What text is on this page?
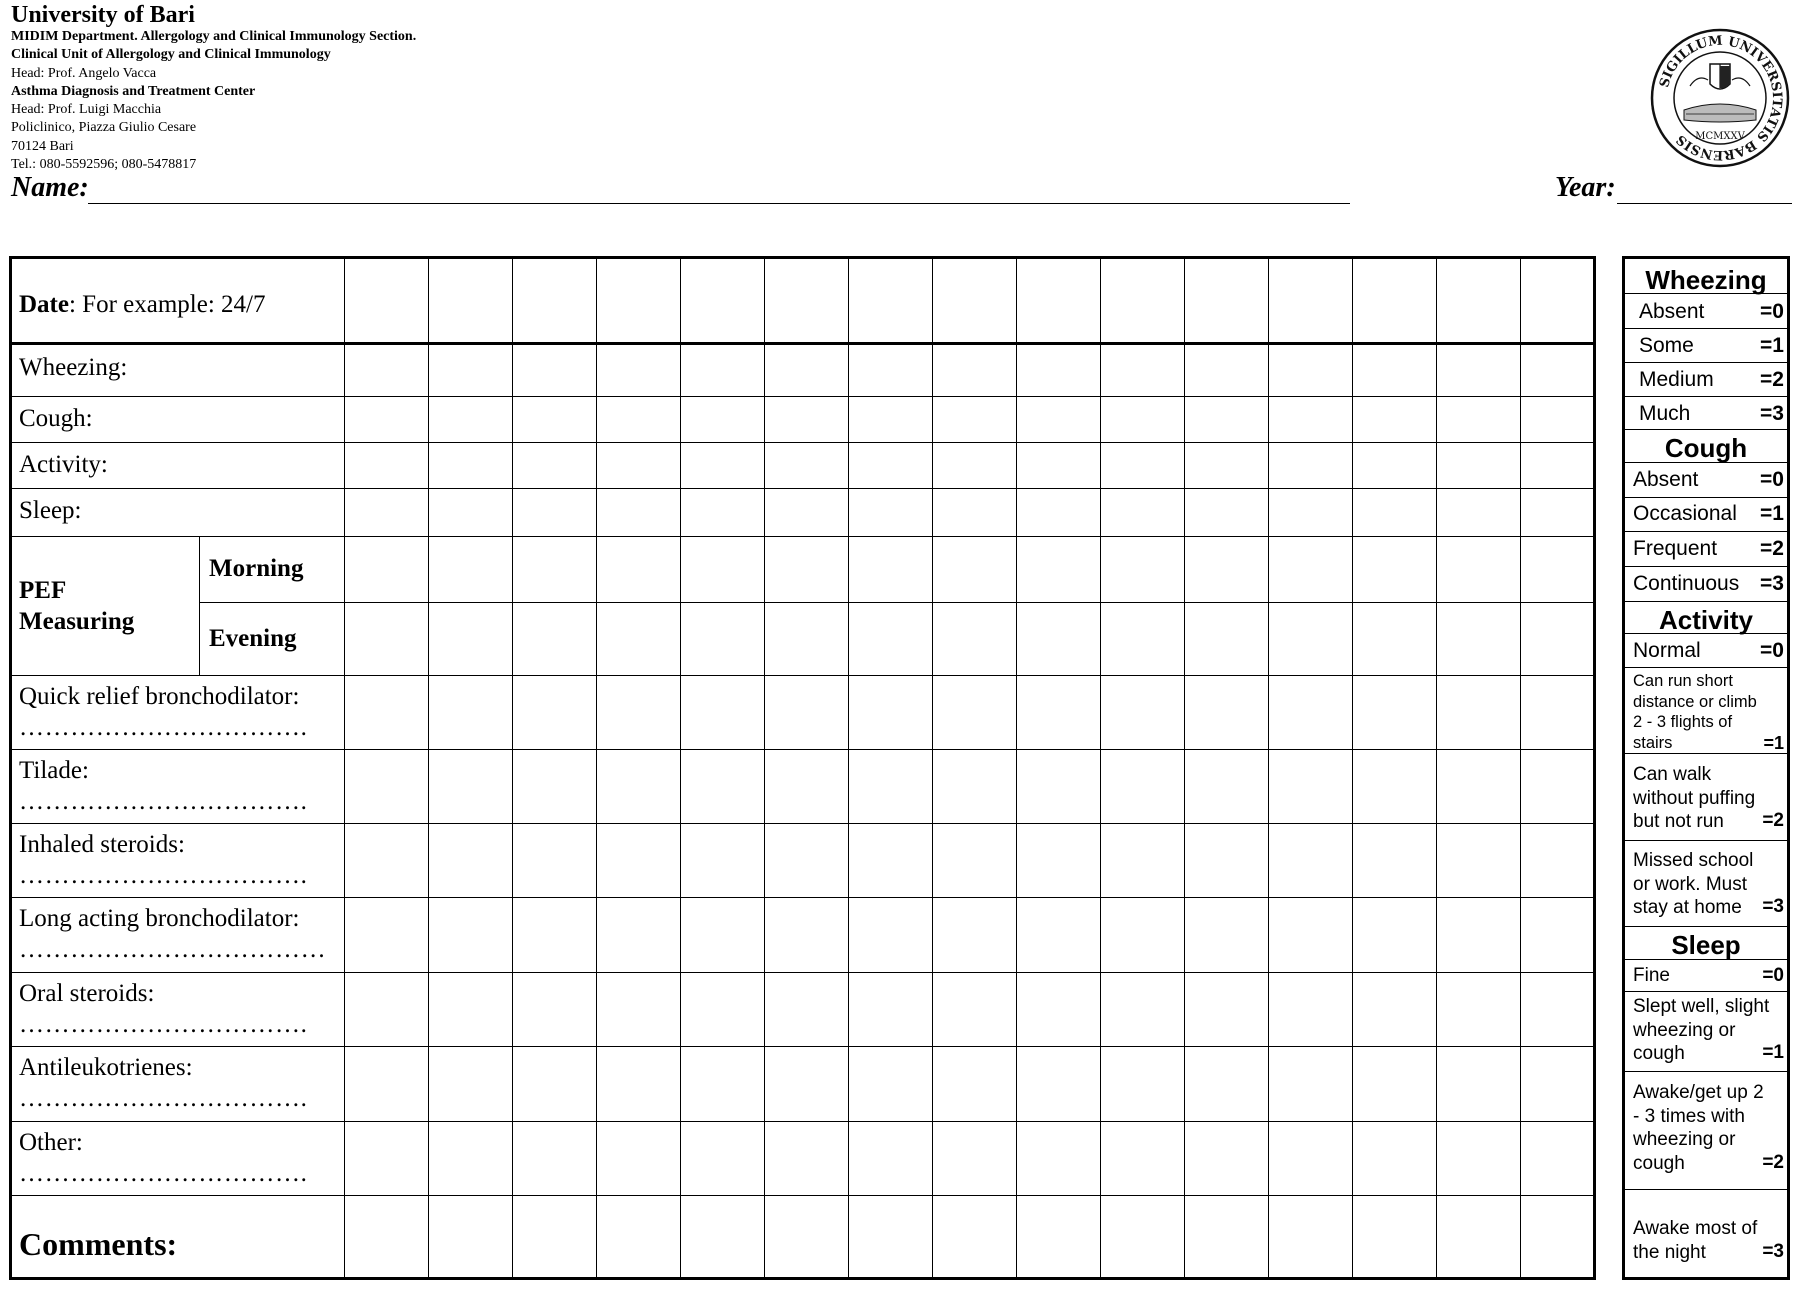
University of Bari
MIDIM Department. Allergology and Clinical Immunology Section.
Clinical Unit of Allergology and Clinical Immunology
Head: Prof. Angelo Vacca
Asthma Diagnosis and Treatment Center
Head: Prof. Luigi Macchia
Policlinico, Piazza Giulio Cesare
70124 Bari
Tel.: 080-5592596; 080-5478817
SIGILLUM UNIVERSITATIS BARENSIS MCMXXV
Name:	Year:
Date: For example: 24/7
Wheezing:
Cough:
Activity:
Sleep:
PEF
Measuring
Morning
Evening
Quick relief bronchodilator:
…………………………….
Tilade:
…………………………….
Inhaled steroids:
…………………………….
Long acting bronchodilator:
………………………………
Oral steroids:
…………………………….
Antileukotrienes:
…………………………….
Other:
…………………………….
Comments:
Wheezing
Absent	=0
Some	=1
Medium =2
Much	=3
Cough
Absent	=0
Occasional =1
Frequent =2
Continuous =3
Activity
Normal	=0
Can run short distance or climb 2 - 3 flights of stairs	=1
Can walk without puffing but not run	=2
Missed school or work. Must stay at home	=3
Sleep
Fine	=0
Slept well, slight wheezing or cough	=1
Awake/get up 2 - 3 times with wheezing or cough	=2
Awake most of the night	=3
